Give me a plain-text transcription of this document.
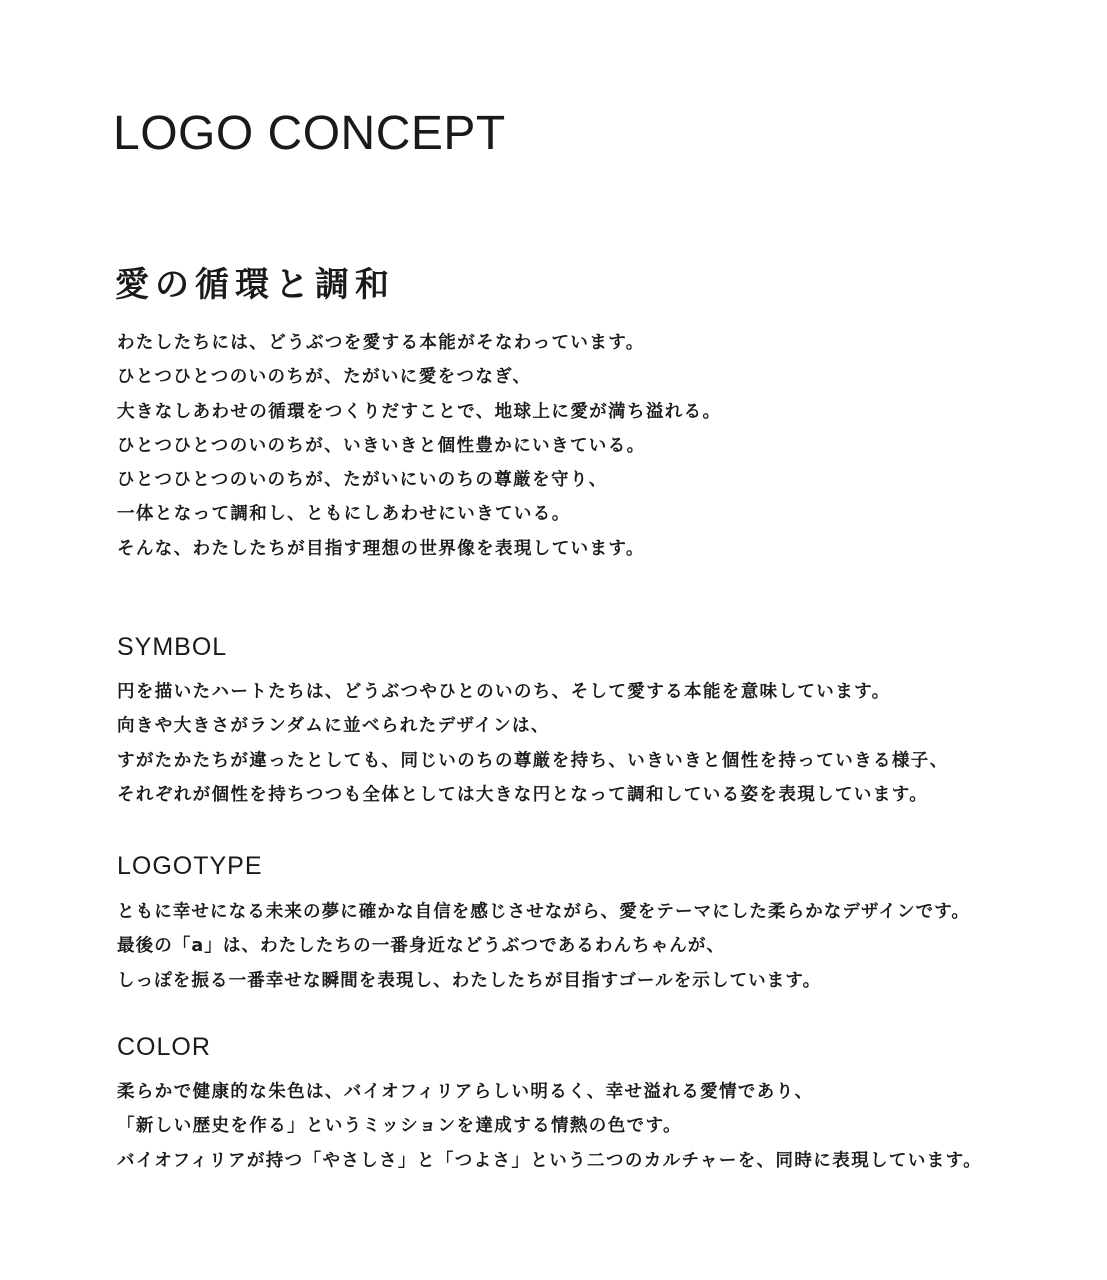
LOGO CONCEPT
愛の循環と調和
わたしたちには、どうぶつを愛する本能がそなわっています。
ひとつひとつのいのちが、たがいに愛をつなぎ、
大きなしあわせの循環をつくりだすことで、地球上に愛が満ち溢れる。
ひとつひとつのいのちが、いきいきと個性豊かにいきている。
ひとつひとつのいのちが、たがいにいのちの尊厳を守り、
一体となって調和し、ともにしあわせにいきている。
そんな、わたしたちが目指す理想の世界像を表現しています。
SYMBOL
円を描いたハートたちは、どうぶつやひとのいのち、そして愛する本能を意味しています。
向きや大きさがランダムに並べられたデザインは、
すがたかたちが違ったとしても、同じいのちの尊厳を持ち、いきいきと個性を持っていきる様子、
それぞれが個性を持ちつつも全体としては大きな円となって調和している姿を表現しています。
LOGOTYPE
ともに幸せになる未来の夢に確かな自信を感じさせながら、愛をテーマにした柔らかなデザインです。
最後の「a」は、わたしたちの一番身近などうぶつであるわんちゃんが、
しっぽを振る一番幸せな瞬間を表現し、わたしたちが目指すゴールを示しています。
COLOR
柔らかで健康的な朱色は、バイオフィリアらしい明るく、幸せ溢れる愛情であり、
「新しい歴史を作る」というミッションを達成する情熱の色です。
バイオフィリアが持つ「やさしさ」と「つよさ」という二つのカルチャーを、同時に表現しています。
